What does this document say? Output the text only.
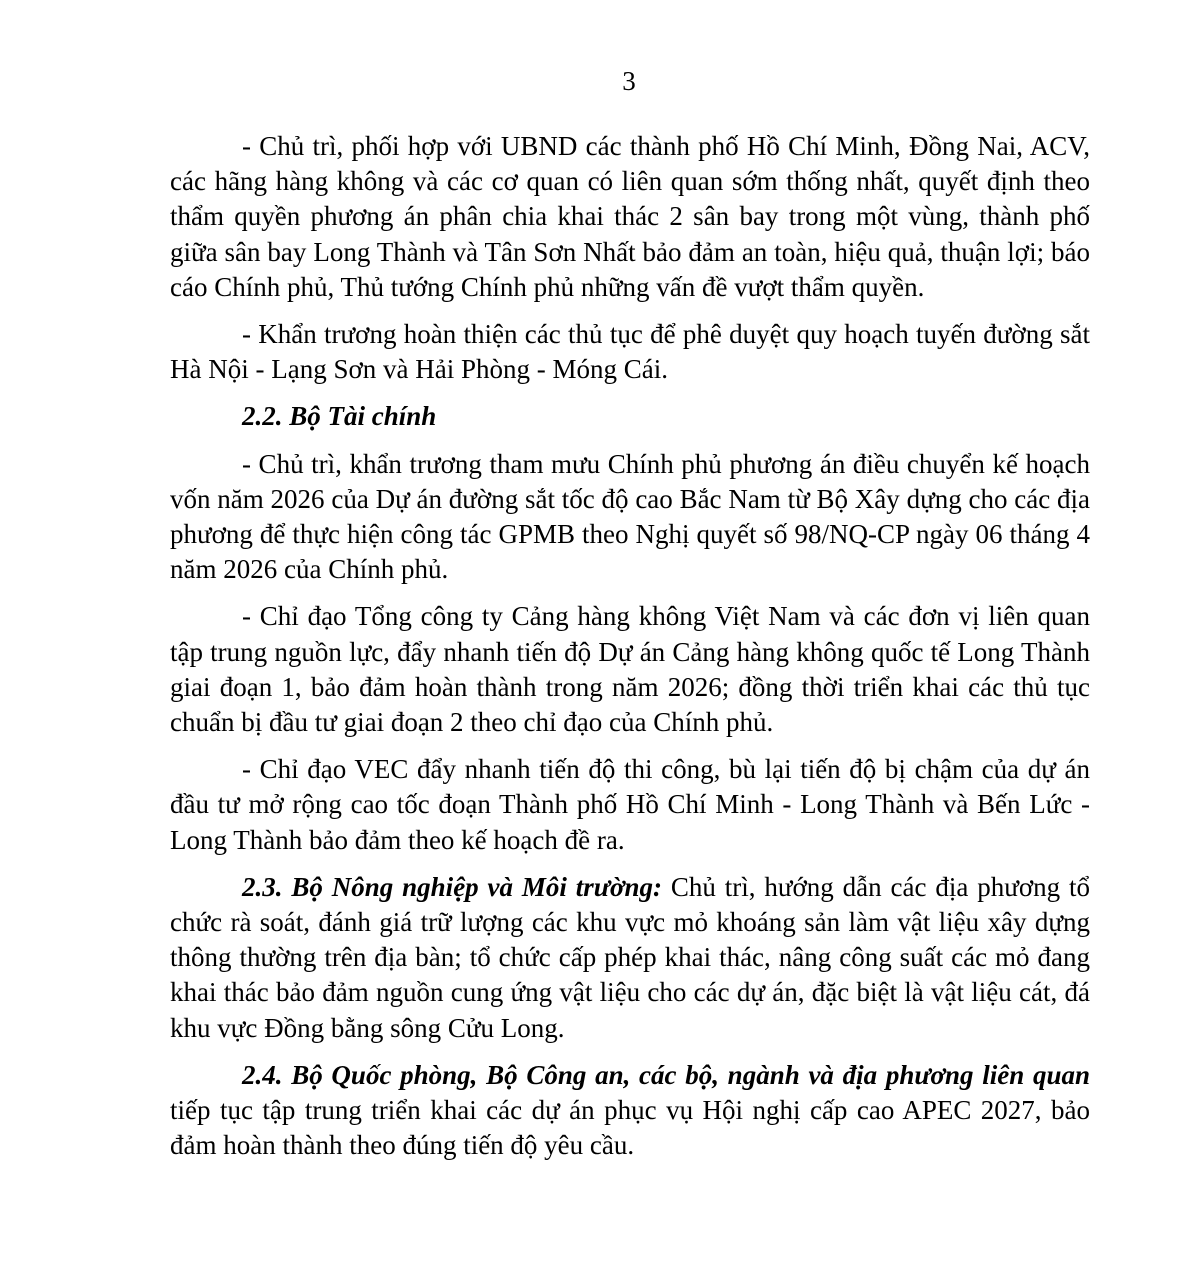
3

- Chủ trì, phối hợp với UBND các thành phố Hồ Chí Minh, Đồng Nai, ACV, các hãng hàng không và các cơ quan có liên quan sớm thống nhất, quyết định theo thẩm quyền phương án phân chia khai thác 2 sân bay trong một vùng, thành phố giữa sân bay Long Thành và Tân Sơn Nhất bảo đảm an toàn, hiệu quả, thuận lợi; báo cáo Chính phủ, Thủ tướng Chính phủ những vấn đề vượt thẩm quyền.

- Khẩn trương hoàn thiện các thủ tục để phê duyệt quy hoạch tuyến đường sắt Hà Nội - Lạng Sơn và Hải Phòng - Móng Cái.

2.2. Bộ Tài chính

- Chủ trì, khẩn trương tham mưu Chính phủ phương án điều chuyển kế hoạch vốn năm 2026 của Dự án đường sắt tốc độ cao Bắc Nam từ Bộ Xây dựng cho các địa phương để thực hiện công tác GPMB theo Nghị quyết số 98/NQ-CP ngày 06 tháng 4 năm 2026 của Chính phủ.

- Chỉ đạo Tổng công ty Cảng hàng không Việt Nam và các đơn vị liên quan tập trung nguồn lực, đẩy nhanh tiến độ Dự án Cảng hàng không quốc tế Long Thành giai đoạn 1, bảo đảm hoàn thành trong năm 2026; đồng thời triển khai các thủ tục chuẩn bị đầu tư giai đoạn 2 theo chỉ đạo của Chính phủ.

- Chỉ đạo VEC đẩy nhanh tiến độ thi công, bù lại tiến độ bị chậm của dự án đầu tư mở rộng cao tốc đoạn Thành phố Hồ Chí Minh - Long Thành và Bến Lức - Long Thành bảo đảm theo kế hoạch đề ra.

2.3. Bộ Nông nghiệp và Môi trường: Chủ trì, hướng dẫn các địa phương tổ chức rà soát, đánh giá trữ lượng các khu vực mỏ khoáng sản làm vật liệu xây dựng thông thường trên địa bàn; tổ chức cấp phép khai thác, nâng công suất các mỏ đang khai thác bảo đảm nguồn cung ứng vật liệu cho các dự án, đặc biệt là vật liệu cát, đá khu vực Đồng bằng sông Cửu Long.

2.4. Bộ Quốc phòng, Bộ Công an, các bộ, ngành và địa phương liên quan tiếp tục tập trung triển khai các dự án phục vụ Hội nghị cấp cao APEC 2027, bảo đảm hoàn thành theo đúng tiến độ yêu cầu.
